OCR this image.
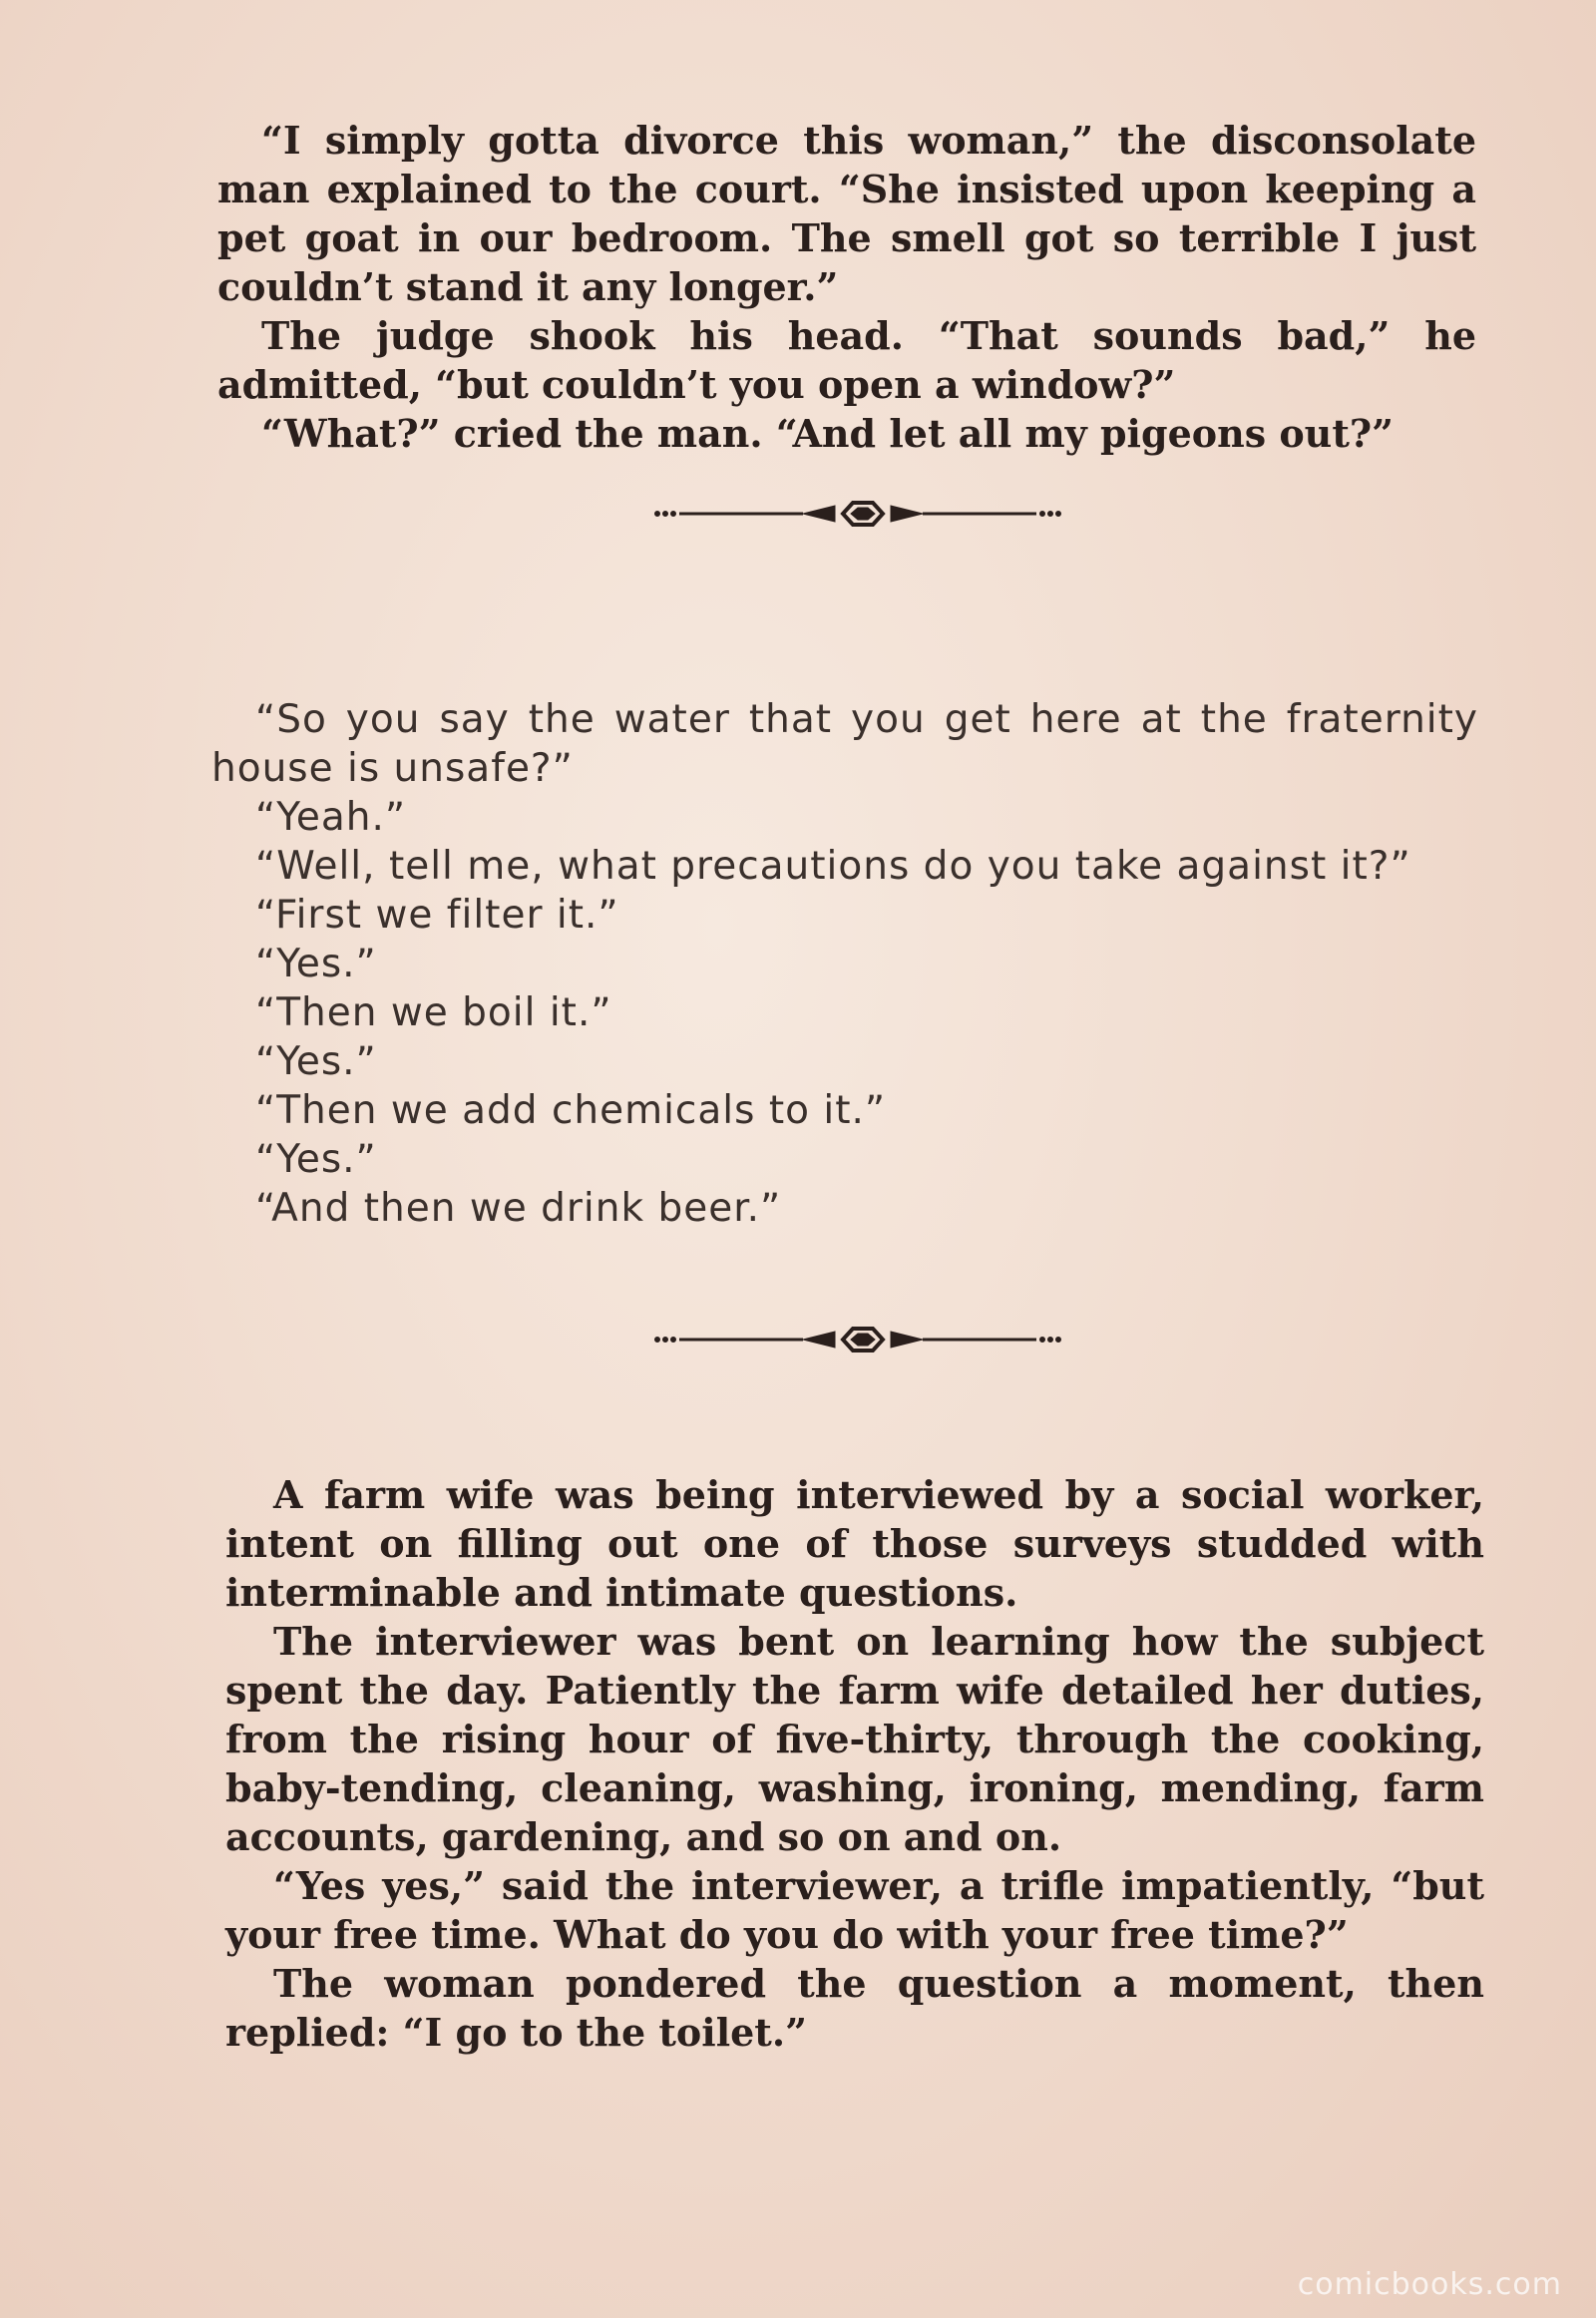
“I simply gotta divorce this woman,” the disconsolate man explained to the court. “She insisted upon keeping a pet goat in our bedroom. The smell got so terrible I just couldn’t stand it any longer.”

The judge shook his head. “That sounds bad,” he admitted, “but couldn’t you open a window?”

“What?” cried the man. “And let all my pigeons out?”

“So you say the water that you get here at the fraternity house is unsafe?”

“Yeah.”

“Well, tell me, what precautions do you take against it?”

“First we filter it.”

“Yes.”

“Then we boil it.”

“Yes.”

“Then we add chemicals to it.”

“Yes.”

“And then we drink beer.”

A farm wife was being interviewed by a social worker, intent on filling out one of those surveys studded with interminable and intimate questions.

The interviewer was bent on learning how the subject spent the day. Patiently the farm wife detailed her duties, from the rising hour of five-thirty, through the cooking, baby-tending, cleaning, washing, ironing, mending, farm accounts, gardening, and so on and on.

“Yes yes,” said the interviewer, a trifle impatiently, “but your free time. What do you do with your free time?”

The woman pondered the question a moment, then replied: “I go to the toilet.”

comicbooks.com
